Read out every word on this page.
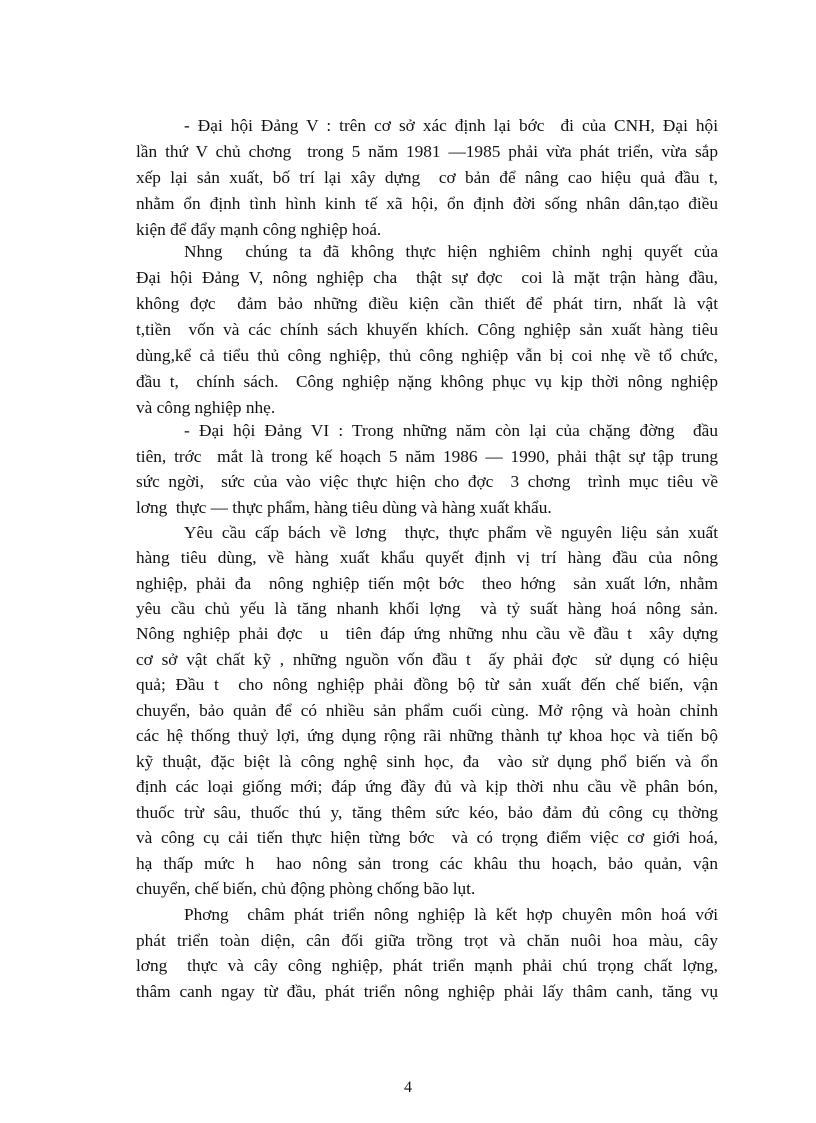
- Đại hội Đảng V : trên cơ sở xác định lại bớc  đi của CNH, Đại hội
lần thứ V chủ chơng  trong 5 năm 1981 —1985 phải vừa phát triển, vừa sắp
xếp lại sản xuất, bố trí lại xây dựng  cơ bản để nâng cao hiệu quả đầu t,
nhằm ổn định tình hình kinh tế xã hội, ổn định đời sống nhân dân,tạo điều
kiện để đẩy mạnh công nghiệp hoá.
Nhng  chúng ta đã không thực hiện nghiêm chỉnh nghị quyết của
Đại hội Đảng V, nông nghiệp cha  thật sự đợc  coi là mặt trận hàng đầu,
không đợc  đảm bảo những điều kiện cần thiết để phát tirn, nhất là vật
t,tiền  vốn và các chính sách khuyến khích. Công nghiệp sản xuất hàng tiêu
dùng,kể cả tiểu thủ công nghiệp, thủ công nghiệp vẫn bị coi nhẹ về tổ chức,
đầu t,  chính sách.  Công nghiệp nặng không phục vụ kịp thời nông nghiệp
và công nghiệp nhẹ.
- Đại hội Đảng VI : Trong những năm còn lại của chặng đờng  đầu
tiên, trớc  mắt là trong kế hoạch 5 năm 1986 — 1990, phải thật sự tập trung
sức ngời,  sức của vào việc thực hiện cho đợc  3 chơng  trình mục tiêu về
lơng  thực — thực phẩm, hàng tiêu dùng và hàng xuất khẩu.
Yêu cầu cấp bách về lơng  thực, thực phẩm về nguyên liệu sản xuất
hàng tiêu dùng, về hàng xuất khẩu quyết định vị trí hàng đầu của nông
nghiệp, phải đa  nông nghiệp tiến một bớc  theo hớng  sản xuất lớn, nhằm
yêu cầu chủ yếu là tăng nhanh khối lợng  và tỷ suất hàng hoá nông sản.
Nông nghiệp phải đợc  u  tiên đáp ứng những nhu cầu về đầu t  xây dựng
cơ sở vật chất kỹ , những nguồn vốn đầu t  ấy phải đợc  sử dụng có hiệu
quả; Đầu t  cho nông nghiệp phải đồng bộ từ sản xuất đến chế biến, vận
chuyển, bảo quản để có nhiều sản phẩm cuối cùng. Mở rộng và hoàn chỉnh
các hệ thống thuỷ lợi, ứng dụng rộng rãi những thành tự khoa học và tiến bộ
kỹ thuật, đặc biệt là công nghệ sinh học, đa  vào sử dụng phổ biến và ổn
định các loại giống mới; đáp ứng đầy đủ và kịp thời nhu cầu về phân bón,
thuốc trừ sâu, thuốc thú y, tăng thêm sức kéo, bảo đảm đủ công cụ thờng
và công cụ cải tiến thực hiện từng bớc  và có trọng điểm việc cơ giới hoá,
hạ thấp mức h  hao nông sản trong các khâu thu hoạch, bảo quản, vận
chuyển, chế biến, chủ động phòng chống bão lụt.
Phơng  châm phát triển nông nghiệp là kết hợp chuyên môn hoá với
phát triển toàn diện, cân đối giữa trồng trọt và chăn nuôi hoa màu, cây
lơng  thực và cây công nghiệp, phát triển mạnh phải chú trọng chất lợng,
thâm canh ngay từ đầu, phát triển nông nghiệp phải lấy thâm canh, tăng vụ
4
